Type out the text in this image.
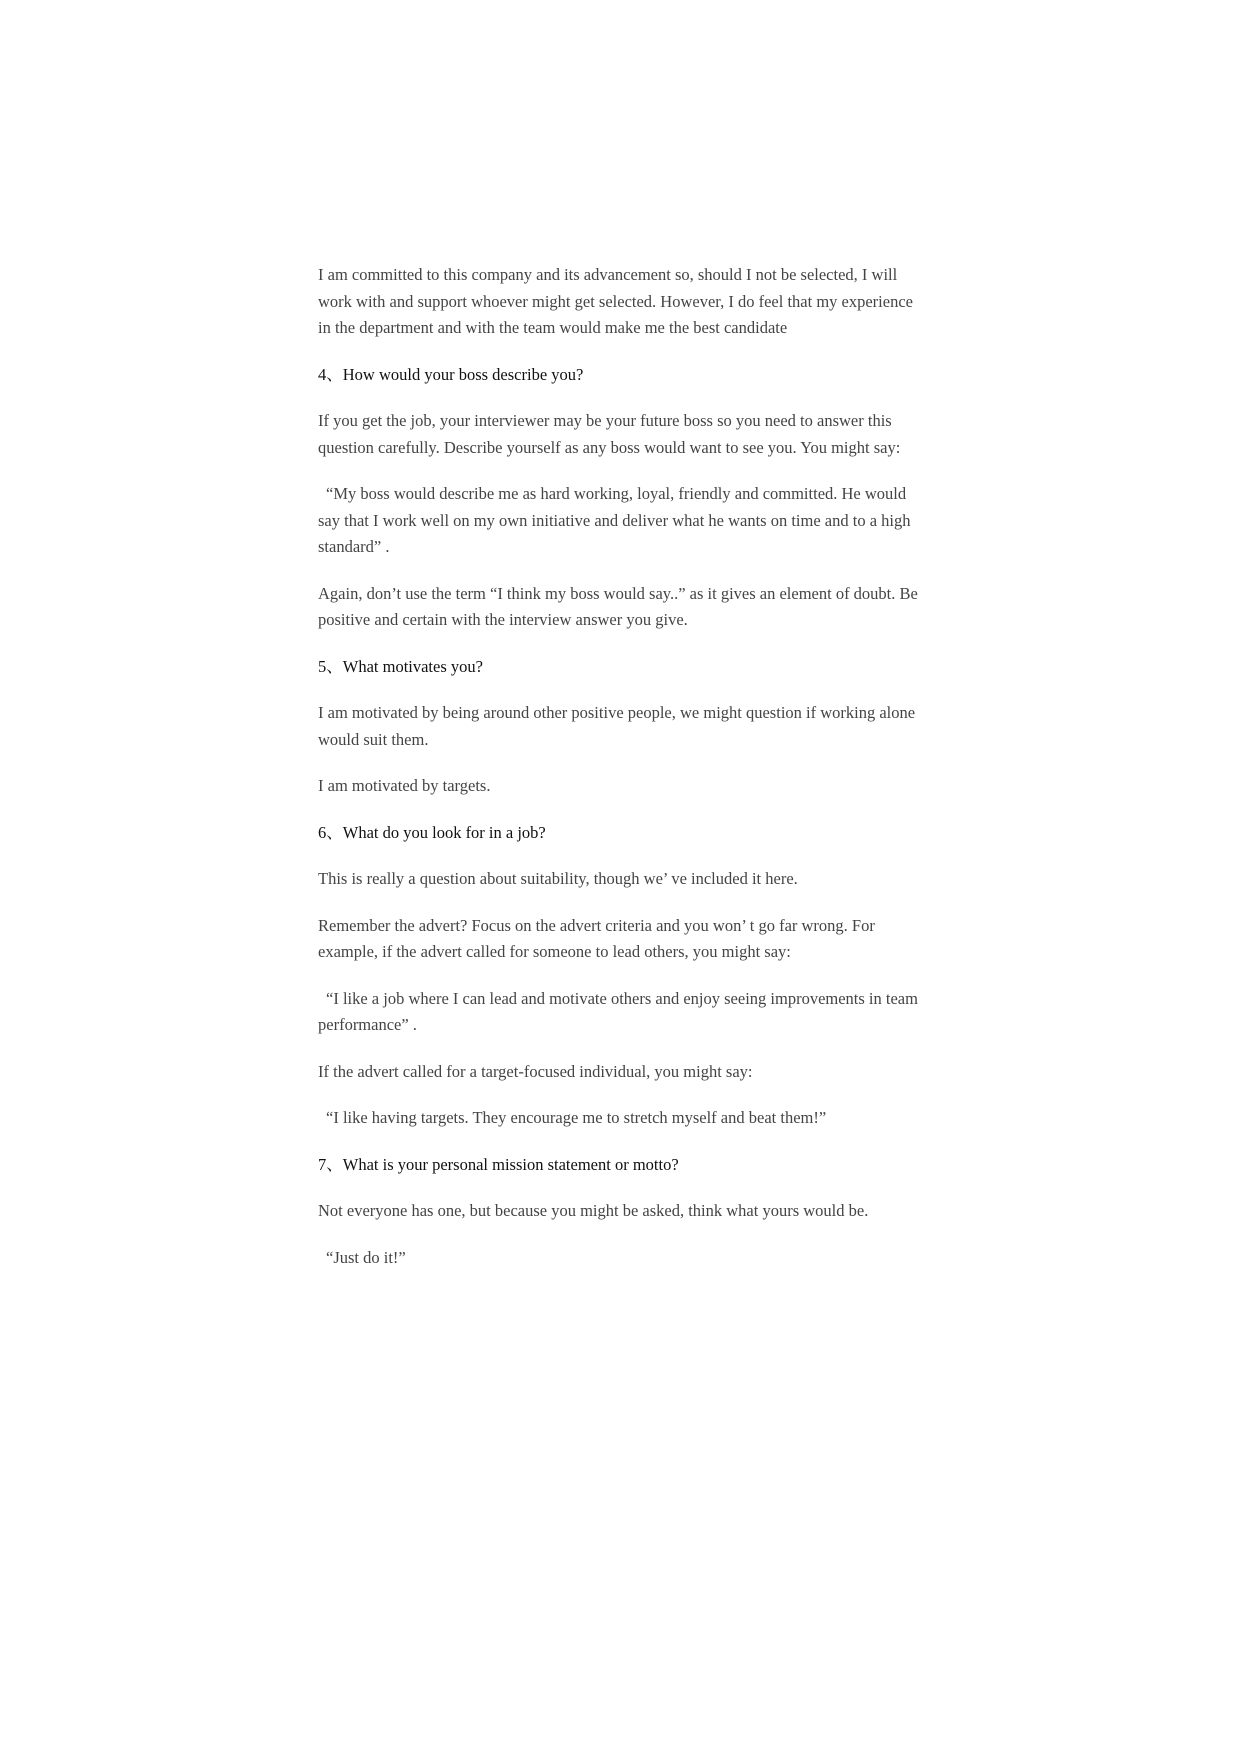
I am committed to this company and its advancement so, should I not be selected, I will work with and support whoever might get selected. However, I do feel that my experience in the department and with the team would make me the best candidate

4、How would your boss describe you?

If you get the job, your interviewer may be your future boss so you need to answer this question carefully. Describe yourself as any boss would want to see you. You might say:

“My boss would describe me as hard working, loyal, friendly and committed. He would say that I work well on my own initiative and deliver what he wants on time and to a high standard” .

Again, don’t use the term “I think my boss would say..” as it gives an element of doubt. Be positive and certain with the interview answer you give.

5、What motivates you?

I am motivated by being around other positive people, we might question if working alone would suit them.

I am motivated by targets.

6、What do you look for in a job?

This is really a question about suitability, though we’ ve included it here.

Remember the advert? Focus on the advert criteria and you won’ t go far wrong. For example, if the advert called for someone to lead others, you might say:

“I like a job where I can lead and motivate others and enjoy seeing improvements in team performance” .

If the advert called for a target-focused individual, you might say:

“I like having targets. They encourage me to stretch myself and beat them!”

7、What is your personal mission statement or motto?

Not everyone has one, but because you might be asked, think what yours would be.

“Just do it!”
